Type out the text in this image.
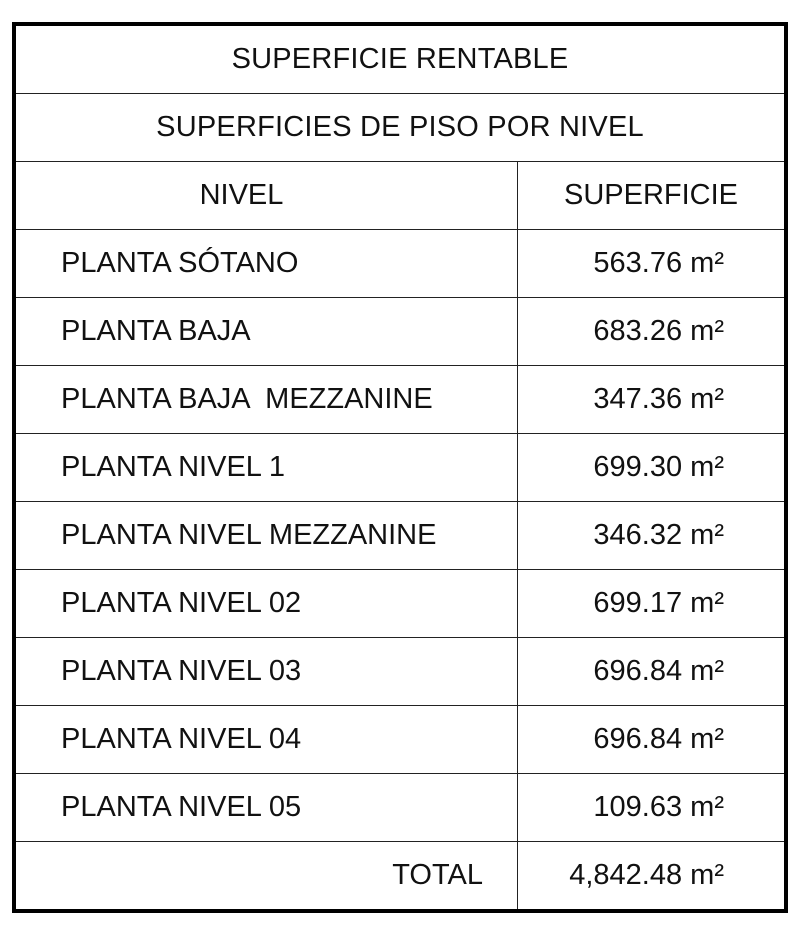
SUPERFICIE RENTABLE
SUPERFICIES DE PISO POR NIVEL
NIVEL	SUPERFICIE
PLANTA SÓTANO	563.76 m²
PLANTA BAJA	683.26 m²
PLANTA BAJA  MEZZANINE	347.36 m²
PLANTA NIVEL 1	699.30 m²
PLANTA NIVEL MEZZANINE	346.32 m²
PLANTA NIVEL 02	699.17 m²
PLANTA NIVEL 03	696.84 m²
PLANTA NIVEL 04	696.84 m²
PLANTA NIVEL 05	109.63 m²
TOTAL	4,842.48 m²
